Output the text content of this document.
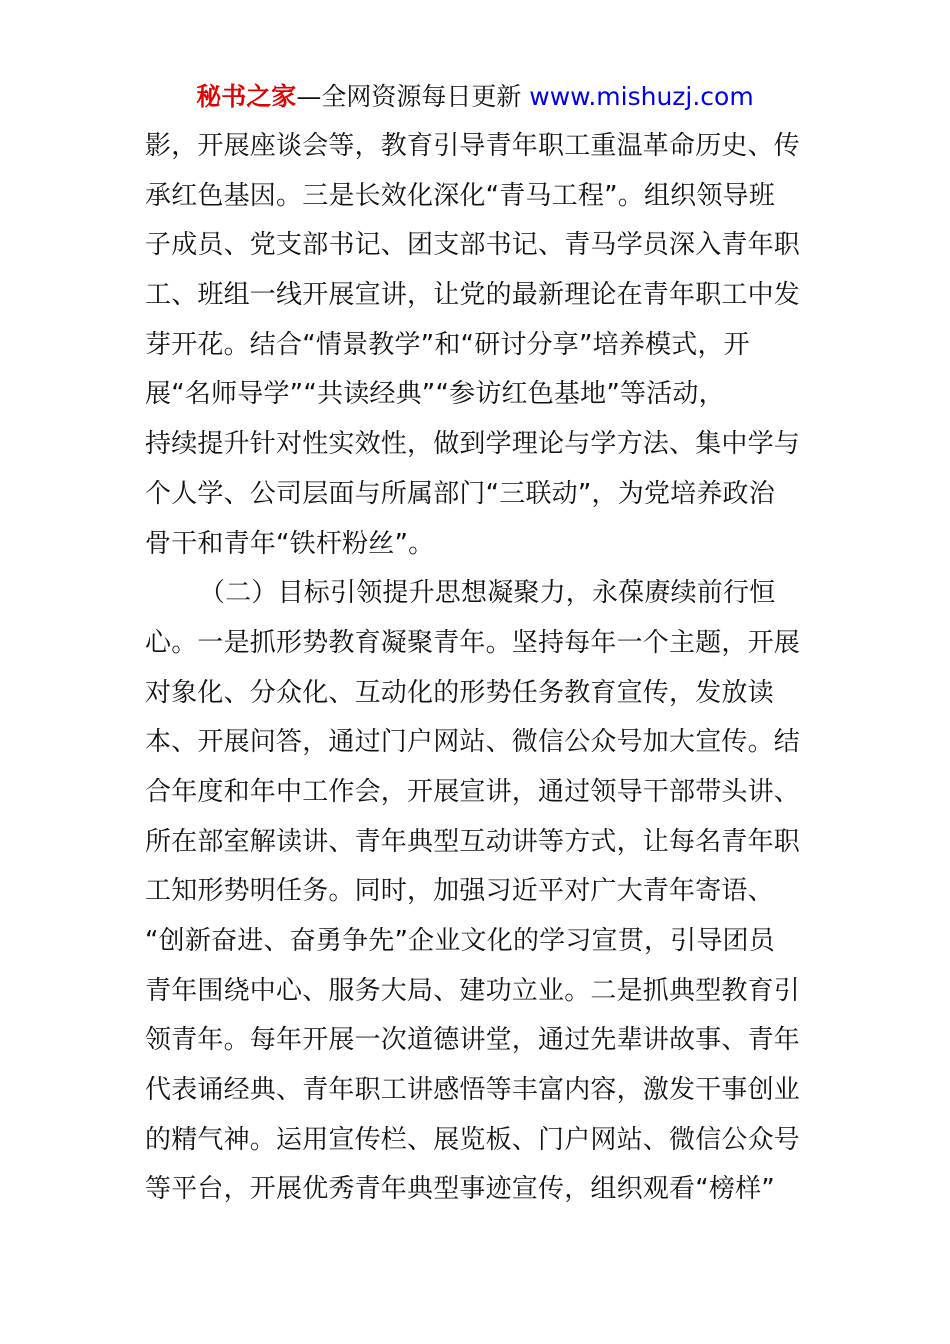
秘书之家—全网资源每日更新 www.mishuzj.com
影，开展座谈会等，教育引导青年职工重温革命历史、传
承红色基因。三是长效化深化“青马工程”。组织领导班
子成员、党支部书记、团支部书记、青马学员深入青年职
工、班组一线开展宣讲，让党的最新理论在青年职工中发
芽开花。结合“情景教学”和“研讨分享”培养模式，开
展“名师导学”“共读经典”“参访红色基地”等活动，
持续提升针对性实效性，做到学理论与学方法、集中学与
个人学、公司层面与所属部门“三联动”，为党培养政治
骨干和青年“铁杆粉丝”。
（二）目标引领提升思想凝聚力，永葆赓续前行恒
心。一是抓形势教育凝聚青年。坚持每年一个主题，开展
对象化、分众化、互动化的形势任务教育宣传，发放读
本、开展问答，通过门户网站、微信公众号加大宣传。结
合年度和年中工作会，开展宣讲，通过领导干部带头讲、
所在部室解读讲、青年典型互动讲等方式，让每名青年职
工知形势明任务。同时，加强习近平对广大青年寄语、
“创新奋进、奋勇争先”企业文化的学习宣贯，引导团员
青年围绕中心、服务大局、建功立业。二是抓典型教育引
领青年。每年开展一次道德讲堂，通过先辈讲故事、青年
代表诵经典、青年职工讲感悟等丰富内容，激发干事创业
的精气神。运用宣传栏、展览板、门户网站、微信公众号
等平台，开展优秀青年典型事迹宣传，组织观看“榜样”
